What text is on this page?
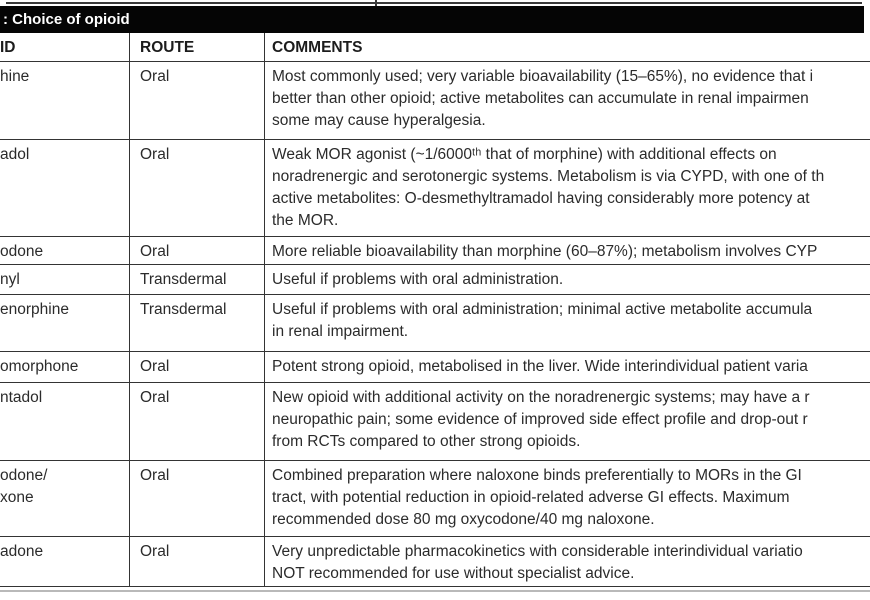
: Choice of opioid
ID	ROUTE	COMMENTS
hine	Oral	Most commonly used; very variable bioavailability (15–65%), no evidence that i
better than other opioid; active metabolites can accumulate in renal impairmen
some may cause hyperalgesia.
adol	Oral	Weak MOR agonist (~1/6000ᵗʰ that of morphine) with additional effects on
noradrenergic and serotonergic systems. Metabolism is via CYPD, with one of th
active metabolites: O-desmethyltramadol having considerably more potency at
the MOR.
odone	Oral	More reliable bioavailability than morphine (60–87%); metabolism involves CYP
nyl	Transdermal	Useful if problems with oral administration.
enorphine	Transdermal	Useful if problems with oral administration; minimal active metabolite accumula
in renal impairment.
omorphone	Oral	Potent strong opioid, metabolised in the liver. Wide interindividual patient varia
ntadol	Oral	New opioid with additional activity on the noradrenergic systems; may have a r
neuropathic pain; some evidence of improved side effect profile and drop-out r
from RCTs compared to other strong opioids.
odone/
xone
Oral	Combined preparation where naloxone binds preferentially to MORs in the GI
tract, with potential reduction in opioid-related adverse GI effects. Maximum
recommended dose 80 mg oxycodone/40 mg naloxone.
adone	Oral	Very unpredictable pharmacokinetics with considerable interindividual variatio
NOT recommended for use without specialist advice.
